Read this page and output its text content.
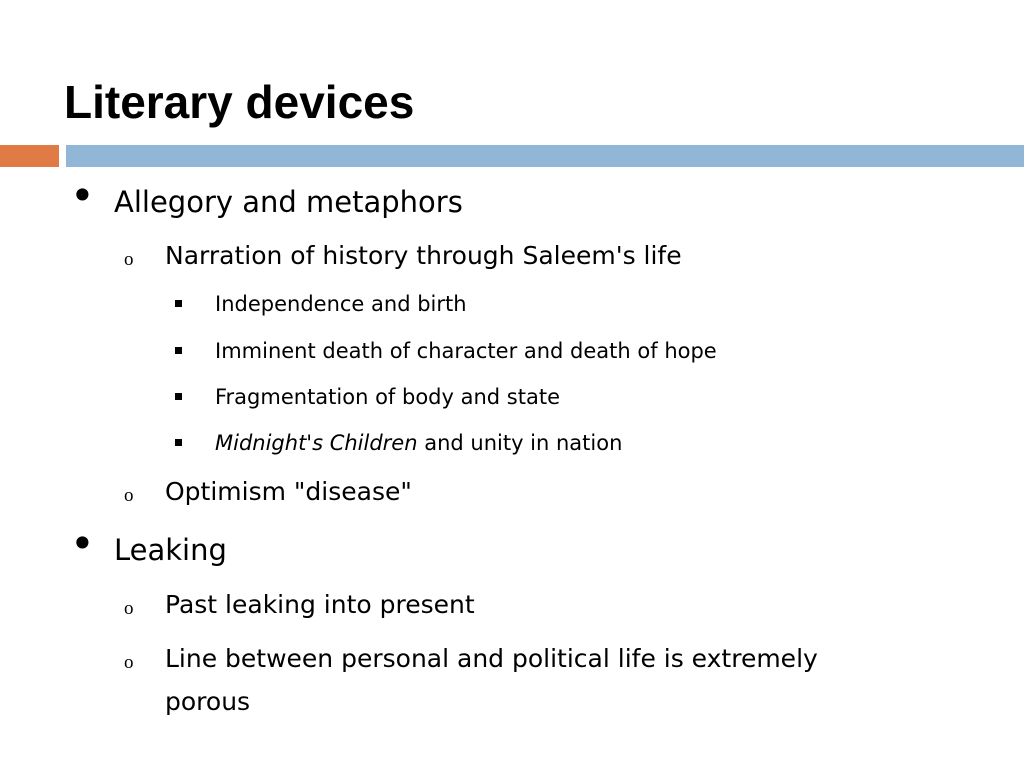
Literary devices
• Allegory and metaphors
o Narration of history through Saleem's life
Independence and birth
Imminent death of character and death of hope
Fragmentation of body and state
Midnight's Children and unity in nation
o Optimism "disease"
• Leaking
o Past leaking into present
o Line between personal and political life is extremely
porous
